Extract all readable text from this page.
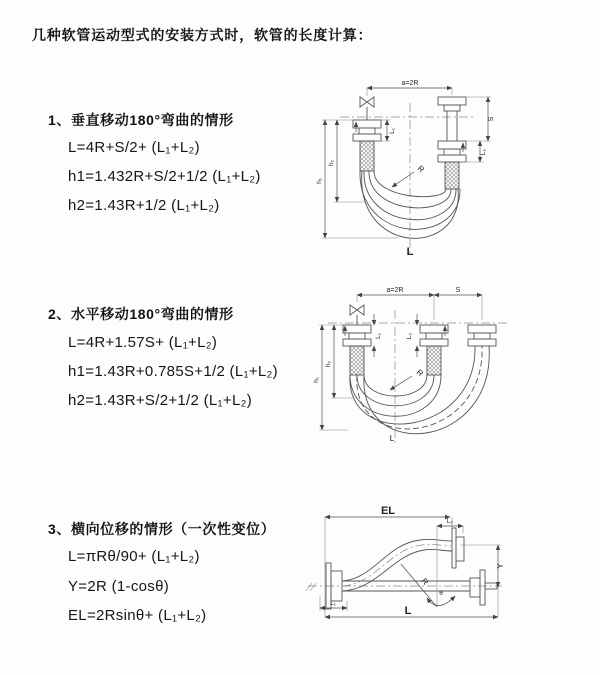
几种软管运动型式的安装方式时，软管的长度计算：
1、垂直移动180°弯曲的情形
L=4R+S/2+ (L₁+L₂)
h1=1.432R+S/2+1/2 (L₁+L₂)
h2=1.43R+1/2 (L₁+L₂)
a=2R
R
L
h₁
h₂
L₁
S
L₂
2、水平移动180°弯曲的情形
L=4R+1.57S+ (L₁+L₂)
h1=1.43R+0.785S+1/2 (L₁+L₂)
h2=1.43R+S/2+1/2 (L₁+L₂)
a=2R	S
R
L
h₁
h₂
L₁	L₂
3、横向位移的情形（一次性变位）
L=πRθ/90+ (L₁+L₂)
Y=2R (1-cosθ)
EL=2Rsinθ+ (L₁+L₂)
EL
L₂
R
θ
Y
L
L₁
